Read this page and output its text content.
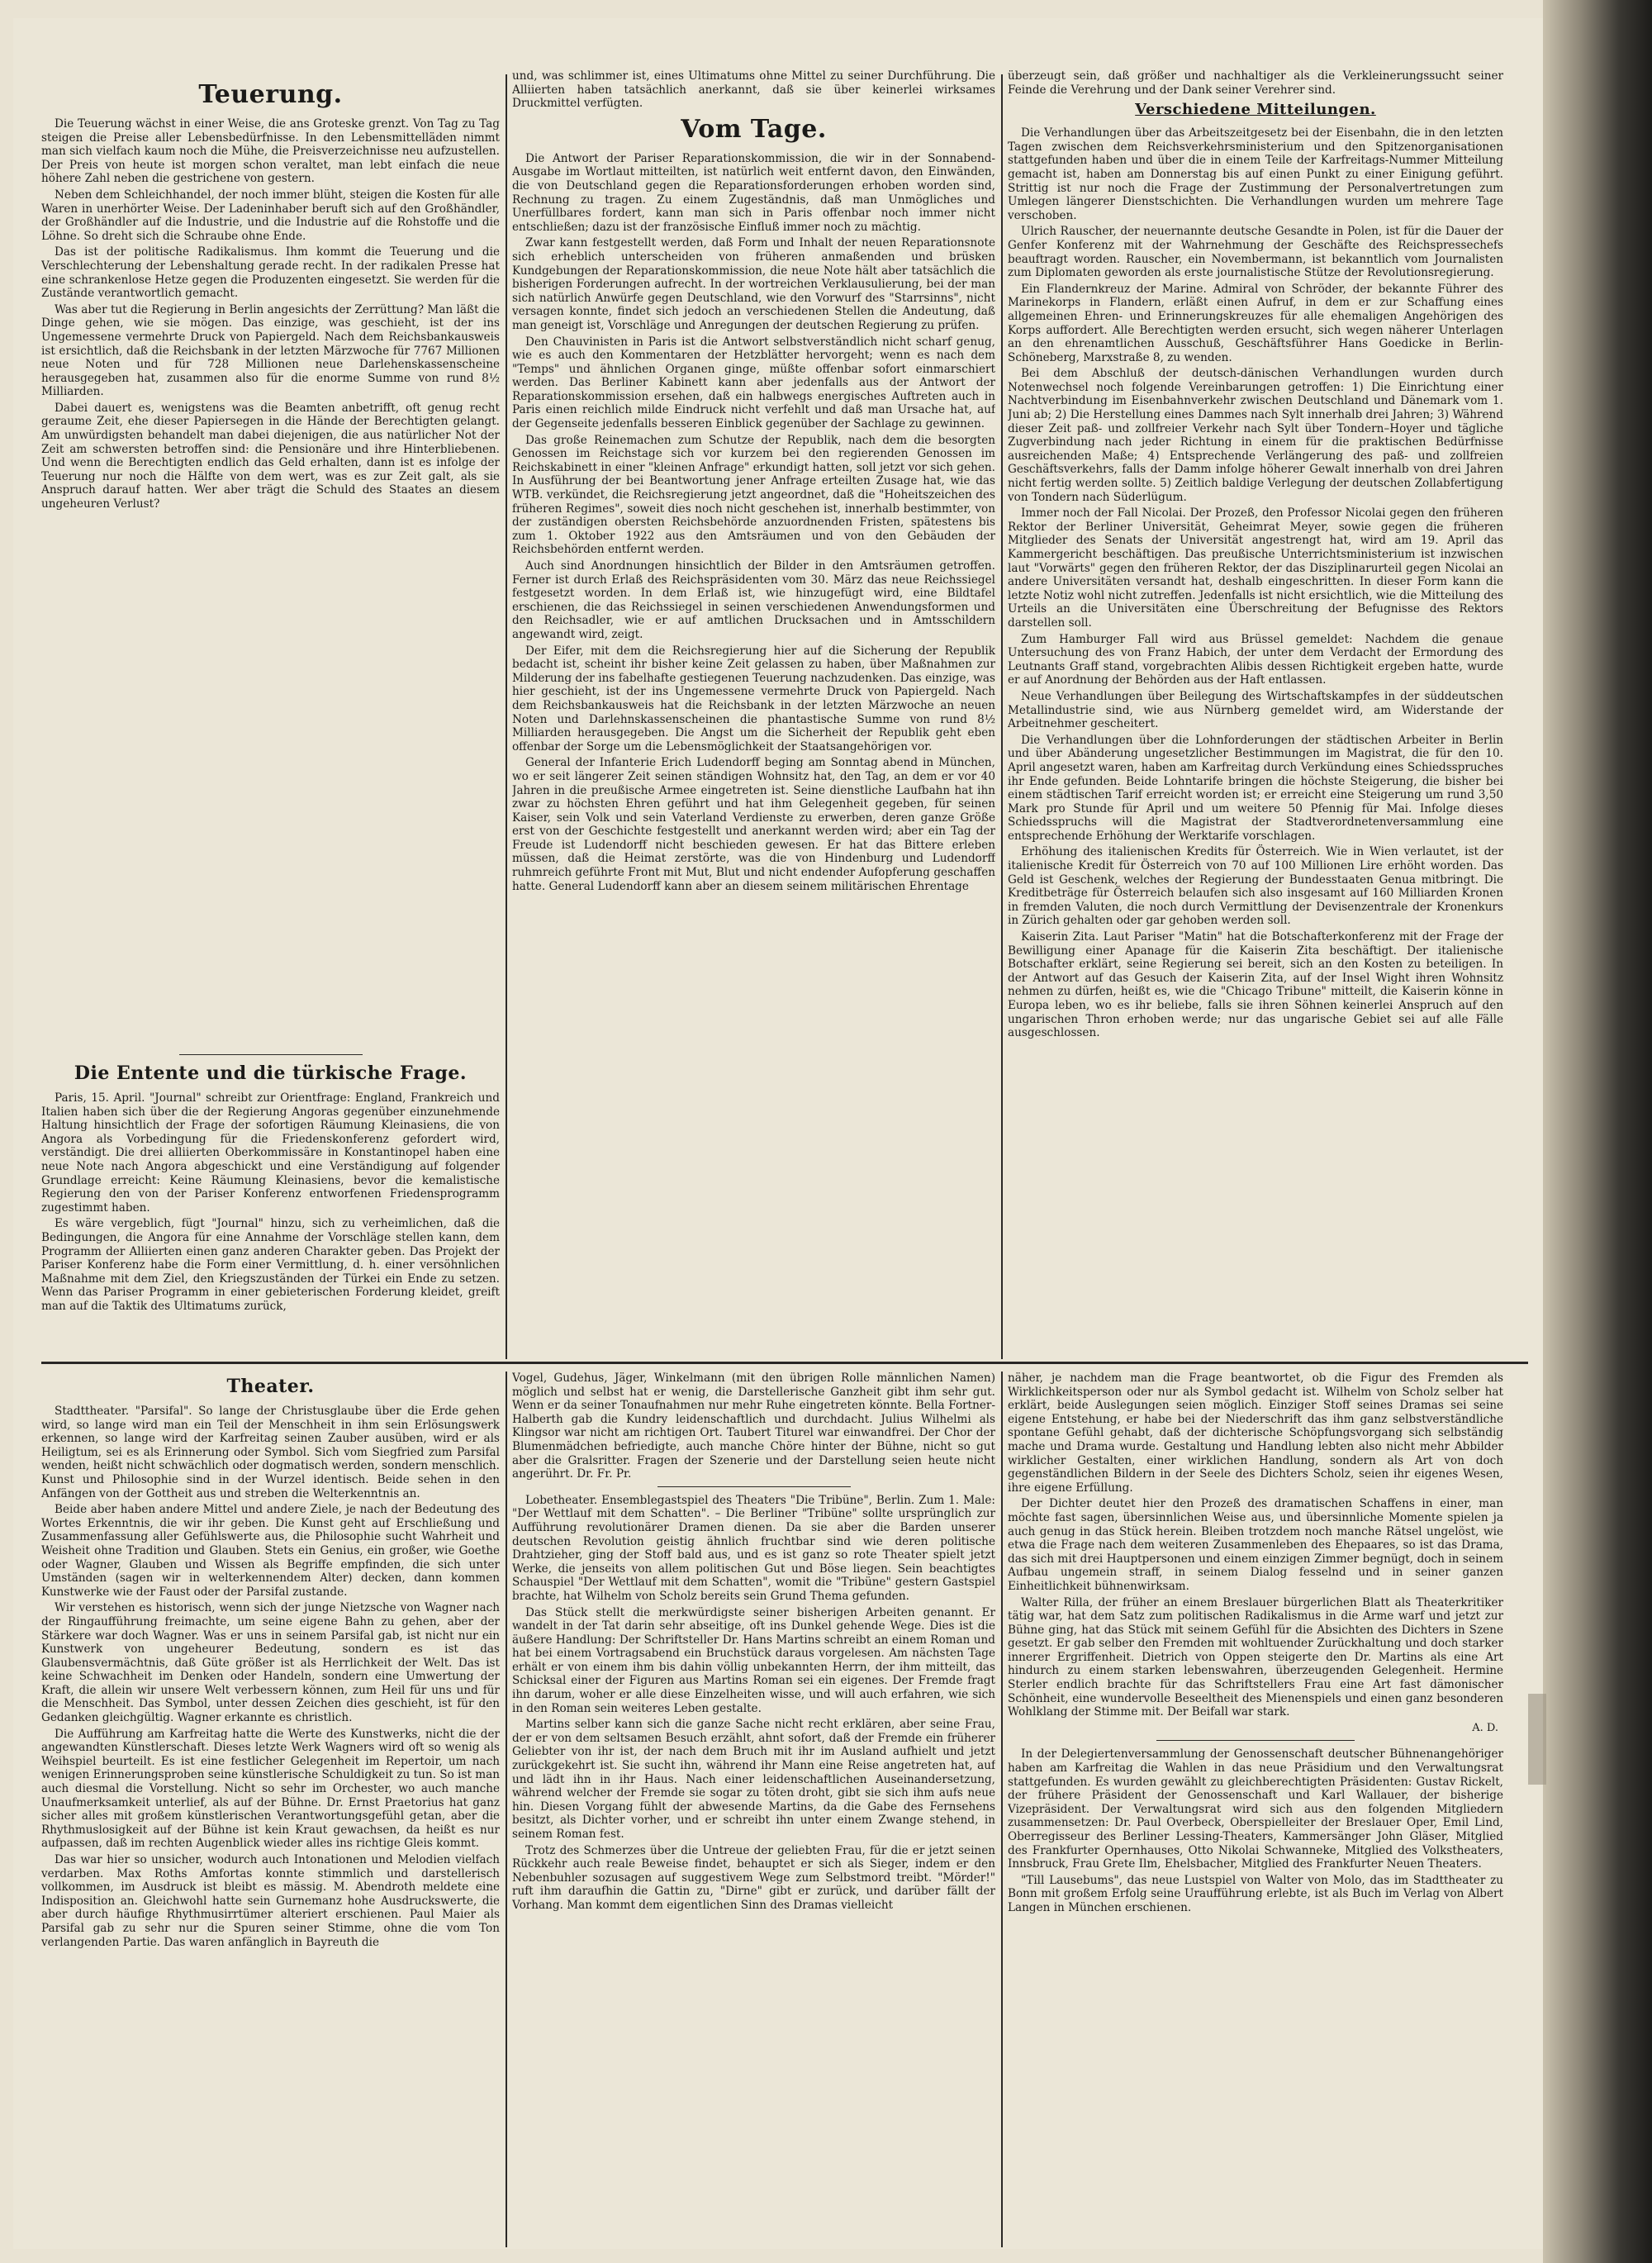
Teuerung.

Die Teuerung wächst in einer Weise, die ans Groteske grenzt. Von Tag zu Tag steigen die Preise aller Lebensbedürfnisse. In den Lebensmittelläden nimmt man sich vielfach kaum noch die Mühe, die Preisverzeichnisse neu aufzustellen. Der Preis von heute ist morgen schon veraltet, man lebt einfach die neue höhere Zahl neben die gestrichene von gestern.

Neben dem Schleichhandel, der noch immer blüht, steigen die Kosten für alle Waren in unerhörter Weise. Der Ladeninhaber beruft sich auf den Großhändler, der Großhändler auf die Industrie, und die Industrie auf die Rohstoffe und die Löhne. So dreht sich die Schraube ohne Ende.

Das ist der politische Radikalismus. Ihm kommt die Teuerung und die Verschlechterung der Lebenshaltung gerade recht. In der radikalen Presse hat eine schrankenlose Hetze gegen die Produzenten eingesetzt. Sie werden für die Zustände verantwortlich gemacht.

Was aber tut die Regierung in Berlin angesichts der Zerrüttung? Man läßt die Dinge gehen, wie sie mögen. Das einzige, was geschieht, ist der ins Ungemessene vermehrte Druck von Papiergeld. Nach dem Reichsbankausweis ist ersichtlich, daß die Reichsbank in der letzten Märzwoche für 7767 Millionen neue Noten und für 728 Millionen neue Darlehenskassenscheine herausgegeben hat, zusammen also für die enorme Summe von rund 8½ Milliarden.

Dabei dauert es, wenigstens was die Beamten anbetrifft, oft genug recht geraume Zeit, ehe dieser Papiersegen in die Hände der Berechtigten gelangt. Am unwürdigsten behandelt man dabei diejenigen, die aus natürlicher Not der Zeit am schwersten betroffen sind: die Pensionäre und ihre Hinterbliebenen. Und wenn die Berechtigten endlich das Geld erhalten, dann ist es infolge der Teuerung nur noch die Hälfte von dem wert, was es zur Zeit galt, als sie Anspruch darauf hatten. Wer aber trägt die Schuld des Staates an diesem ungeheuren Verlust?

Die Entente und die türkische Frage.

Paris, 15. April. "Journal" schreibt zur Orientfrage: England, Frankreich und Italien haben sich über die der Regierung Angoras gegenüber einzunehmende Haltung hinsichtlich der Frage der sofortigen Räumung Kleinasiens, die von Angora als Vorbedingung für die Friedenskonferenz gefordert wird, verständigt. Die drei alliierten Oberkommissäre in Konstantinopel haben eine neue Note nach Angora abgeschickt und eine Verständigung auf folgender Grundlage erreicht: Keine Räumung Kleinasiens, bevor die kemalistische Regierung den von der Pariser Konferenz entworfenen Friedensprogramm zugestimmt haben.

Es wäre vergeblich, fügt "Journal" hinzu, sich zu verheimlichen, daß die Bedingungen, die Angora für eine Annahme der Vorschläge stellen kann, dem Programm der Alliierten einen ganz anderen Charakter geben. Das Projekt der Pariser Konferenz habe die Form einer Vermittlung, d. h. einer versöhnlichen Maßnahme mit dem Ziel, den Kriegszuständen der Türkei ein Ende zu setzen. Wenn das Pariser Programm in einer gebieterischen Forderung kleidet, greift man auf die Taktik des Ultimatums zurück,

und, was schlimmer ist, eines Ultimatums ohne Mittel zu seiner Durchführung. Die Alliierten haben tatsächlich anerkannt, daß sie über keinerlei wirksames Druckmittel verfügten.

Vom Tage.

Die Antwort der Pariser Reparationskommission, die wir in der Sonnabend-Ausgabe im Wortlaut mitteilten, ist natürlich weit entfernt davon, den Einwänden, die von Deutschland gegen die Reparationsforderungen erhoben worden sind, Rechnung zu tragen. Zu einem Zugeständnis, daß man Unmögliches und Unerfüllbares fordert, kann man sich in Paris offenbar noch immer nicht entschließen; dazu ist der französische Einfluß immer noch zu mächtig.

Zwar kann festgestellt werden, daß Form und Inhalt der neuen Reparationsnote sich erheblich unterscheiden von früheren anmaßenden und brüsken Kundgebungen der Reparationskommission, die neue Note hält aber tatsächlich die bisherigen Forderungen aufrecht. In der wortreichen Verklausulierung, bei der man sich natürlich Anwürfe gegen Deutschland, wie den Vorwurf des "Starrsinns", nicht versagen konnte, findet sich jedoch an verschiedenen Stellen die Andeutung, daß man geneigt ist, Vorschläge und Anregungen der deutschen Regierung zu prüfen.

Den Chauvinisten in Paris ist die Antwort selbstverständlich nicht scharf genug, wie es auch den Kommentaren der Hetzblätter hervorgeht; wenn es nach dem "Temps" und ähnlichen Organen ginge, müßte offenbar sofort einmarschiert werden. Das Berliner Kabinett kann aber jedenfalls aus der Antwort der Reparationskommission ersehen, daß ein halbwegs energisches Auftreten auch in Paris einen reichlich milde Eindruck nicht verfehlt und daß man Ursache hat, auf der Gegenseite jedenfalls besseren Einblick gegenüber der Sachlage zu gewinnen.

Das große Reinemachen zum Schutze der Republik, nach dem die besorgten Genossen im Reichstage sich vor kurzem bei den regierenden Genossen im Reichskabinett in einer "kleinen Anfrage" erkundigt hatten, soll jetzt vor sich gehen. In Ausführung der bei Beantwortung jener Anfrage erteilten Zusage hat, wie das WTB. verkündet, die Reichsregierung jetzt angeordnet, daß die "Hoheitszeichen des früheren Regimes", soweit dies noch nicht geschehen ist, innerhalb bestimmter, von der zuständigen obersten Reichsbehörde anzuordnenden Fristen, spätestens bis zum 1. Oktober 1922 aus den Amtsräumen und von den Gebäuden der Reichsbehörden entfernt werden.

Auch sind Anordnungen hinsichtlich der Bilder in den Amtsräumen getroffen. Ferner ist durch Erlaß des Reichspräsidenten vom 30. März das neue Reichssiegel festgesetzt worden. In dem Erlaß ist, wie hinzugefügt wird, eine Bildtafel erschienen, die das Reichssiegel in seinen verschiedenen Anwendungsformen und den Reichsadler, wie er auf amtlichen Drucksachen und in Amtsschildern angewandt wird, zeigt.

Der Eifer, mit dem die Reichsregierung hier auf die Sicherung der Republik bedacht ist, scheint ihr bisher keine Zeit gelassen zu haben, über Maßnahmen zur Milderung der ins fabelhafte gestiegenen Teuerung nachzudenken. Das einzige, was hier geschieht, ist der ins Ungemessene vermehrte Druck von Papiergeld. Nach dem Reichsbankausweis hat die Reichsbank in der letzten Märzwoche an neuen Noten und Darlehnskassenscheinen die phantastische Summe von rund 8½ Milliarden herausgegeben. Die Angst um die Sicherheit der Republik geht eben offenbar der Sorge um die Lebensmöglichkeit der Staatsangehörigen vor.

General der Infanterie Erich Ludendorff beging am Sonntag abend in München, wo er seit längerer Zeit seinen ständigen Wohnsitz hat, den Tag, an dem er vor 40 Jahren in die preußische Armee eingetreten ist. Seine dienstliche Laufbahn hat ihn zwar zu höchsten Ehren geführt und hat ihm Gelegenheit gegeben, für seinen Kaiser, sein Volk und sein Vaterland Verdienste zu erwerben, deren ganze Größe erst von der Geschichte festgestellt und anerkannt werden wird; aber ein Tag der Freude ist Ludendorff nicht beschieden gewesen. Er hat das Bittere erleben müssen, daß die Heimat zerstörte, was die von Hindenburg und Ludendorff ruhmreich geführte Front mit Mut, Blut und nicht endender Aufopferung geschaffen hatte. General Ludendorff kann aber an diesem seinem militärischen Ehrentage

überzeugt sein, daß größer und nachhaltiger als die Verkleinerungssucht seiner Feinde die Verehrung und der Dank seiner Verehrer sind.

Verschiedene Mitteilungen.

Die Verhandlungen über das Arbeitszeitgesetz bei der Eisenbahn, die in den letzten Tagen zwischen dem Reichsverkehrsministerium und den Spitzenorganisationen stattgefunden haben und über die in einem Teile der Karfreitags-Nummer Mitteilung gemacht ist, haben am Donnerstag bis auf einen Punkt zu einer Einigung geführt. Strittig ist nur noch die Frage der Zustimmung der Personalvertretungen zum Umlegen längerer Dienstschichten. Die Verhandlungen wurden um mehrere Tage verschoben.

Ulrich Rauscher, der neuernannte deutsche Gesandte in Polen, ist für die Dauer der Genfer Konferenz mit der Wahrnehmung der Geschäfte des Reichspressechefs beauftragt worden. Rauscher, ein Novembermann, ist bekanntlich vom Journalisten zum Diplomaten geworden als erste journalistische Stütze der Revolutionsregierung.

Ein Flandernkreuz der Marine. Admiral von Schröder, der bekannte Führer des Marinekorps in Flandern, erläßt einen Aufruf, in dem er zur Schaffung eines allgemeinen Ehren- und Erinnerungskreuzes für alle ehemaligen Angehörigen des Korps auffordert. Alle Berechtigten werden ersucht, sich wegen näherer Unterlagen an den ehrenamtlichen Ausschuß, Geschäftsführer Hans Goedicke in Berlin-Schöneberg, Marxstraße 8, zu wenden.

Bei dem Abschluß der deutsch-dänischen Verhandlungen wurden durch Notenwechsel noch folgende Vereinbarungen getroffen: 1) Die Einrichtung einer Nachtverbindung im Eisenbahnverkehr zwischen Deutschland und Dänemark vom 1. Juni ab; 2) Die Herstellung eines Dammes nach Sylt innerhalb drei Jahren; 3) Während dieser Zeit paß- und zollfreier Verkehr nach Sylt über Tondern–Hoyer und tägliche Zugverbindung nach jeder Richtung in einem für die praktischen Bedürfnisse ausreichenden Maße; 4) Entsprechende Verlängerung des paß- und zollfreien Geschäftsverkehrs, falls der Damm infolge höherer Gewalt innerhalb von drei Jahren nicht fertig werden sollte. 5) Zeitlich baldige Verlegung der deutschen Zollabfertigung von Tondern nach Süderlügum.

Immer noch der Fall Nicolai. Der Prozeß, den Professor Nicolai gegen den früheren Rektor der Berliner Universität, Geheimrat Meyer, sowie gegen die früheren Mitglieder des Senats der Universität angestrengt hat, wird am 19. April das Kammergericht beschäftigen. Das preußische Unterrichtsministerium ist inzwischen laut "Vorwärts" gegen den früheren Rektor, der das Disziplinarurteil gegen Nicolai an andere Universitäten versandt hat, deshalb eingeschritten. In dieser Form kann die letzte Notiz wohl nicht zutreffen. Jedenfalls ist nicht ersichtlich, wie die Mitteilung des Urteils an die Universitäten eine Überschreitung der Befugnisse des Rektors darstellen soll.

Zum Hamburger Fall wird aus Brüssel gemeldet: Nachdem die genaue Untersuchung des von Franz Habich, der unter dem Verdacht der Ermordung des Leutnants Graff stand, vorgebrachten Alibis dessen Richtigkeit ergeben hatte, wurde er auf Anordnung der Behörden aus der Haft entlassen.

Neue Verhandlungen über Beilegung des Wirtschaftskampfes in der süddeutschen Metallindustrie sind, wie aus Nürnberg gemeldet wird, am Widerstande der Arbeitnehmer gescheitert.

Die Verhandlungen über die Lohnforderungen der städtischen Arbeiter in Berlin und über Abänderung ungesetzlicher Bestimmungen im Magistrat, die für den 10. April angesetzt waren, haben am Karfreitag durch Verkündung eines Schiedsspruches ihr Ende gefunden. Beide Lohntarife bringen die höchste Steigerung, die bisher bei einem städtischen Tarif erreicht worden ist; er erreicht eine Steigerung um rund 3,50 Mark pro Stunde für April und um weitere 50 Pfennig für Mai. Infolge dieses Schiedsspruchs will die Magistrat der Stadtverordnetenversammlung eine entsprechende Erhöhung der Werktarife vorschlagen.

Erhöhung des italienischen Kredits für Österreich. Wie in Wien verlautet, ist der italienische Kredit für Österreich von 70 auf 100 Millionen Lire erhöht worden. Das Geld ist Geschenk, welches der Regierung der Bundesstaaten Genua mitbringt. Die Kreditbeträge für Österreich belaufen sich also insgesamt auf 160 Milliarden Kronen in fremden Valuten, die noch durch Vermittlung der Devisenzentrale der Kronenkurs in Zürich gehalten oder gar gehoben werden soll.

Kaiserin Zita. Laut Pariser "Matin" hat die Botschafterkonferenz mit der Frage der Bewilligung einer Apanage für die Kaiserin Zita beschäftigt. Der italienische Botschafter erklärt, seine Regierung sei bereit, sich an den Kosten zu beteiligen. In der Antwort auf das Gesuch der Kaiserin Zita, auf der Insel Wight ihren Wohnsitz nehmen zu dürfen, heißt es, wie die "Chicago Tribune" mitteilt, die Kaiserin könne in Europa leben, wo es ihr beliebe, falls sie ihren Söhnen keinerlei Anspruch auf den ungarischen Thron erhoben werde; nur das ungarische Gebiet sei auf alle Fälle ausgeschlossen.

Theater.

Stadttheater. "Parsifal". So lange der Christusglaube über die Erde gehen wird, so lange wird man ein Teil der Menschheit in ihm sein Erlösungswerk erkennen, so lange wird der Karfreitag seinen Zauber ausüben, wird er als Heiligtum, sei es als Erinnerung oder Symbol. Sich vom Siegfried zum Parsifal wenden, heißt nicht schwächlich oder dogmatisch werden, sondern menschlich. Kunst und Philosophie sind in der Wurzel identisch. Beide sehen in den Anfängen von der Gottheit aus und streben die Welterkenntnis an.

Beide aber haben andere Mittel und andere Ziele, je nach der Bedeutung des Wortes Erkenntnis, die wir ihr geben. Die Kunst geht auf Erschließung und Zusammenfassung aller Gefühlswerte aus, die Philosophie sucht Wahrheit und Weisheit ohne Tradition und Glauben. Stets ein Genius, ein großer, wie Goethe oder Wagner, Glauben und Wissen als Begriffe empfinden, die sich unter Umständen (sagen wir in welterkennendem Alter) decken, dann kommen Kunstwerke wie der Faust oder der Parsifal zustande.

Wir verstehen es historisch, wenn sich der junge Nietzsche von Wagner nach der Ringaufführung freimachte, um seine eigene Bahn zu gehen, aber der Stärkere war doch Wagner. Was er uns in seinem Parsifal gab, ist nicht nur ein Kunstwerk von ungeheurer Bedeutung, sondern es ist das Glaubensvermächtnis, daß Güte größer ist als Herrlichkeit der Welt. Das ist keine Schwachheit im Denken oder Handeln, sondern eine Umwertung der Kraft, die allein wir unsere Welt verbessern können, zum Heil für uns und für die Menschheit. Das Symbol, unter dessen Zeichen dies geschieht, ist für den Gedanken gleichgültig. Wagner erkannte es christlich.

Die Aufführung am Karfreitag hatte die Werte des Kunstwerks, nicht die der angewandten Künstlerschaft. Dieses letzte Werk Wagners wird oft so wenig als Weihspiel beurteilt. Es ist eine festlicher Gelegenheit im Repertoir, um nach wenigen Erinnerungsproben seine künstlerische Schuldigkeit zu tun. So ist man auch diesmal die Vorstellung. Nicht so sehr im Orchester, wo auch manche Unaufmerksamkeit unterlief, als auf der Bühne. Dr. Ernst Praetorius hat ganz sicher alles mit großem künstlerischen Verantwortungsgefühl getan, aber die Rhythmuslosigkeit auf der Bühne ist kein Kraut gewachsen, da heißt es nur aufpassen, daß im rechten Augenblick wieder alles ins richtige Gleis kommt.

Das war hier so unsicher, wodurch auch Intonationen und Melodien vielfach verdarben. Max Roths Amfortas konnte stimmlich und darstellerisch vollkommen, im Ausdruck ist bleibt es mässig. M. Abendroth meldete eine Indisposition an. Gleichwohl hatte sein Gurnemanz hohe Ausdruckswerte, die aber durch häufige Rhythmusirrtümer alteriert erschienen. Paul Maier als Parsifal gab zu sehr nur die Spuren seiner Stimme, ohne die vom Ton verlangenden Partie. Das waren anfänglich in Bayreuth die

Vogel, Gudehus, Jäger, Winkelmann (mit den übrigen Rolle männlichen Namen) möglich und selbst hat er wenig, die Darstellerische Ganzheit gibt ihm sehr gut. Wenn er da seiner Tonaufnahmen nur mehr Ruhe eingetreten könnte. Bella Fortner-Halberth gab die Kundry leidenschaftlich und durchdacht. Julius Wilhelmi als Klingsor war nicht am richtigen Ort. Taubert Titurel war einwandfrei. Der Chor der Blumenmädchen befriedigte, auch manche Chöre hinter der Bühne, nicht so gut aber die Gralsritter. Fragen der Szenerie und der Darstellung seien heute nicht angerührt. Dr. Fr. Pr.

Lobetheater. Ensemblegastspiel des Theaters "Die Tribüne", Berlin. Zum 1. Male: "Der Wettlauf mit dem Schatten". – Die Berliner "Tribüne" sollte ursprünglich zur Aufführung revolutionärer Dramen dienen. Da sie aber die Barden unserer deutschen Revolution geistig ähnlich fruchtbar sind wie deren politische Drahtzieher, ging der Stoff bald aus, und es ist ganz so rote Theater spielt jetzt Werke, die jenseits von allem politischen Gut und Böse liegen. Sein beachtigtes Schauspiel "Der Wettlauf mit dem Schatten", womit die "Tribüne" gestern Gastspiel brachte, hat Wilhelm von Scholz bereits sein Grund Thema gefunden.

Das Stück stellt die merkwürdigste seiner bisherigen Arbeiten genannt. Er wandelt in der Tat darin sehr abseitige, oft ins Dunkel gehende Wege. Dies ist die äußere Handlung: Der Schriftsteller Dr. Hans Martins schreibt an einem Roman und hat bei einem Vortragsabend ein Bruchstück daraus vorgelesen. Am nächsten Tage erhält er von einem ihm bis dahin völlig unbekannten Herrn, der ihm mitteilt, das Schicksal einer der Figuren aus Martins Roman sei ein eigenes. Der Fremde fragt ihn darum, woher er alle diese Einzelheiten wisse, und will auch erfahren, wie sich in den Roman sein weiteres Leben gestalte.

Martins selber kann sich die ganze Sache nicht recht erklären, aber seine Frau, der er von dem seltsamen Besuch erzählt, ahnt sofort, daß der Fremde ein früherer Geliebter von ihr ist, der nach dem Bruch mit ihr im Ausland aufhielt und jetzt zurückgekehrt ist. Sie sucht ihn, während ihr Mann eine Reise angetreten hat, auf und lädt ihn in ihr Haus. Nach einer leidenschaftlichen Auseinandersetzung, während welcher der Fremde sie sogar zu töten droht, gibt sie sich ihm aufs neue hin. Diesen Vorgang fühlt der abwesende Martins, da die Gabe des Fernsehens besitzt, als Dichter vorher, und er schreibt ihn unter einem Zwange stehend, in seinem Roman fest.

Trotz des Schmerzes über die Untreue der geliebten Frau, für die er jetzt seinen Rückkehr auch reale Beweise findet, behauptet er sich als Sieger, indem er den Nebenbuhler sozusagen auf suggestivem Wege zum Selbstmord treibt. "Mörder!" ruft ihm daraufhin die Gattin zu, "Dirne" gibt er zurück, und darüber fällt der Vorhang. Man kommt dem eigentlichen Sinn des Dramas vielleicht

näher, je nachdem man die Frage beantwortet, ob die Figur des Fremden als Wirklichkeitsperson oder nur als Symbol gedacht ist. Wilhelm von Scholz selber hat erklärt, beide Auslegungen seien möglich. Einziger Stoff seines Dramas sei seine eigene Entstehung, er habe bei der Niederschrift das ihm ganz selbstverständliche spontane Gefühl gehabt, daß der dichterische Schöpfungsvorgang sich selbständig mache und Drama wurde. Gestaltung und Handlung lebten also nicht mehr Abbilder wirklicher Gestalten, einer wirklichen Handlung, sondern als Art von doch gegenständlichen Bildern in der Seele des Dichters Scholz, seien ihr eigenes Wesen, ihre eigene Erfüllung.

Der Dichter deutet hier den Prozeß des dramatischen Schaffens in einer, man möchte fast sagen, übersinnlichen Weise aus, und übersinnliche Momente spielen ja auch genug in das Stück herein. Bleiben trotzdem noch manche Rätsel ungelöst, wie etwa die Frage nach dem weiteren Zusammenleben des Ehepaares, so ist das Drama, das sich mit drei Hauptpersonen und einem einzigen Zimmer begnügt, doch in seinem Aufbau ungemein straff, in seinem Dialog fesselnd und in seiner ganzen Einheitlichkeit bühnenwirksam.

Walter Rilla, der früher an einem Breslauer bürgerlichen Blatt als Theaterkritiker tätig war, hat dem Satz zum politischen Radikalismus in die Arme warf und jetzt zur Bühne ging, hat das Stück mit seinem Gefühl für die Absichten des Dichters in Szene gesetzt. Er gab selber den Fremden mit wohltuender Zurückhaltung und doch starker innerer Ergriffenheit. Dietrich von Oppen steigerte den Dr. Martins als eine Art hindurch zu einem starken lebenswahren, überzeugenden Gelegenheit. Hermine Sterler endlich brachte für das Schriftstellers Frau eine Art fast dämonischer Schönheit, eine wundervolle Beseeltheit des Mienenspiels und einen ganz besonderen Wohlklang der Stimme mit. Der Beifall war stark.

A. D.

In der Delegiertenversammlung der Genossenschaft deutscher Bühnenangehöriger haben am Karfreitag die Wahlen in das neue Präsidium und den Verwaltungsrat stattgefunden. Es wurden gewählt zu gleichberechtigten Präsidenten: Gustav Rickelt, der frühere Präsident der Genossenschaft und Karl Wallauer, der bisherige Vizepräsident. Der Verwaltungsrat wird sich aus den folgenden Mitgliedern zusammensetzen: Dr. Paul Overbeck, Oberspielleiter der Breslauer Oper, Emil Lind, Oberregisseur des Berliner Lessing-Theaters, Kammersänger John Gläser, Mitglied des Frankfurter Opernhauses, Otto Nikolai Schwanneke, Mitglied des Volkstheaters, Innsbruck, Frau Grete Ilm, Ehelsbacher, Mitglied des Frankfurter Neuen Theaters.

"Till Lausebums", das neue Lustspiel von Walter von Molo, das im Stadttheater zu Bonn mit großem Erfolg seine Uraufführung erlebte, ist als Buch im Verlag von Albert Langen in München erschienen.
